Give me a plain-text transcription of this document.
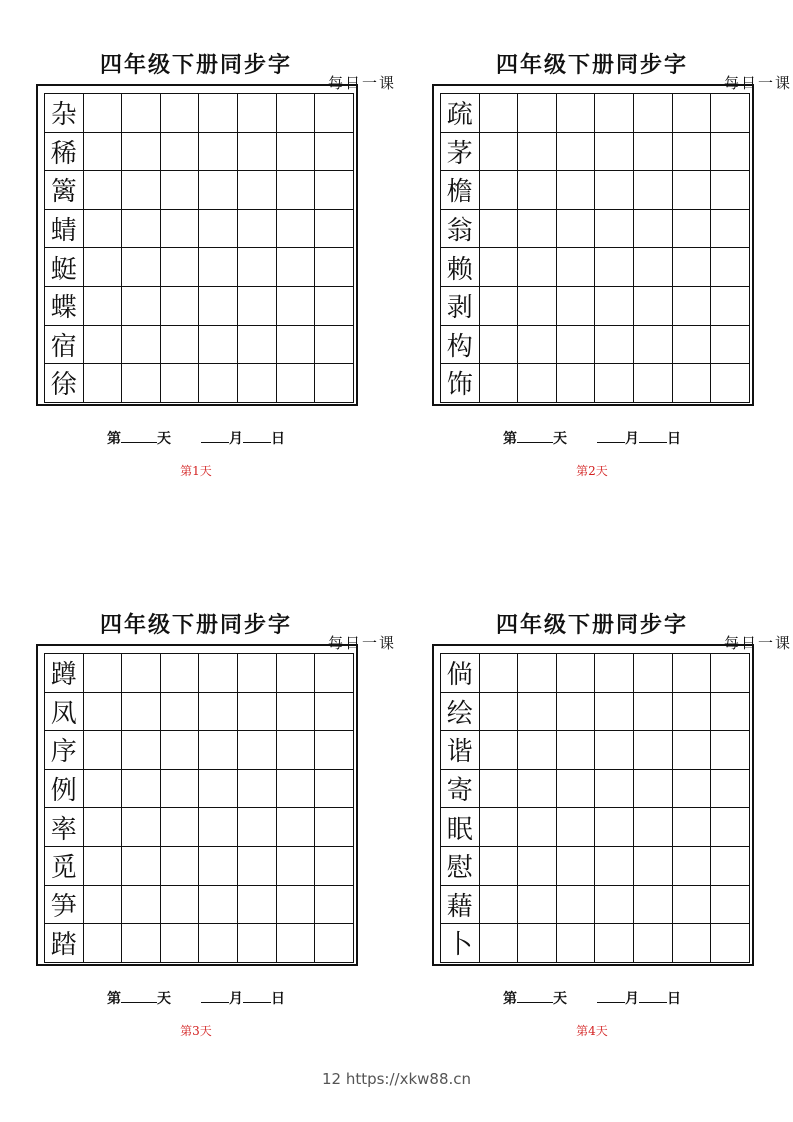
12 https://xkw88.cn
四年级下册同步字
每日一课
杂
稀
篱
蜻
蜓
蝶
宿
徐
第	天	月 日
第1天
四年级下册同步字
每日一课
疏
茅
檐
翁
赖
剥
构
饰
第	天	月 日
第2天
四年级下册同步字
每日一课
蹲
凤
序
例
率
觅
笋
踏
第	天	月 日
第3天
四年级下册同步字
每日一课
倘
绘
谐
寄
眠
慰
藉
卜
第	天	月 日
第4天
